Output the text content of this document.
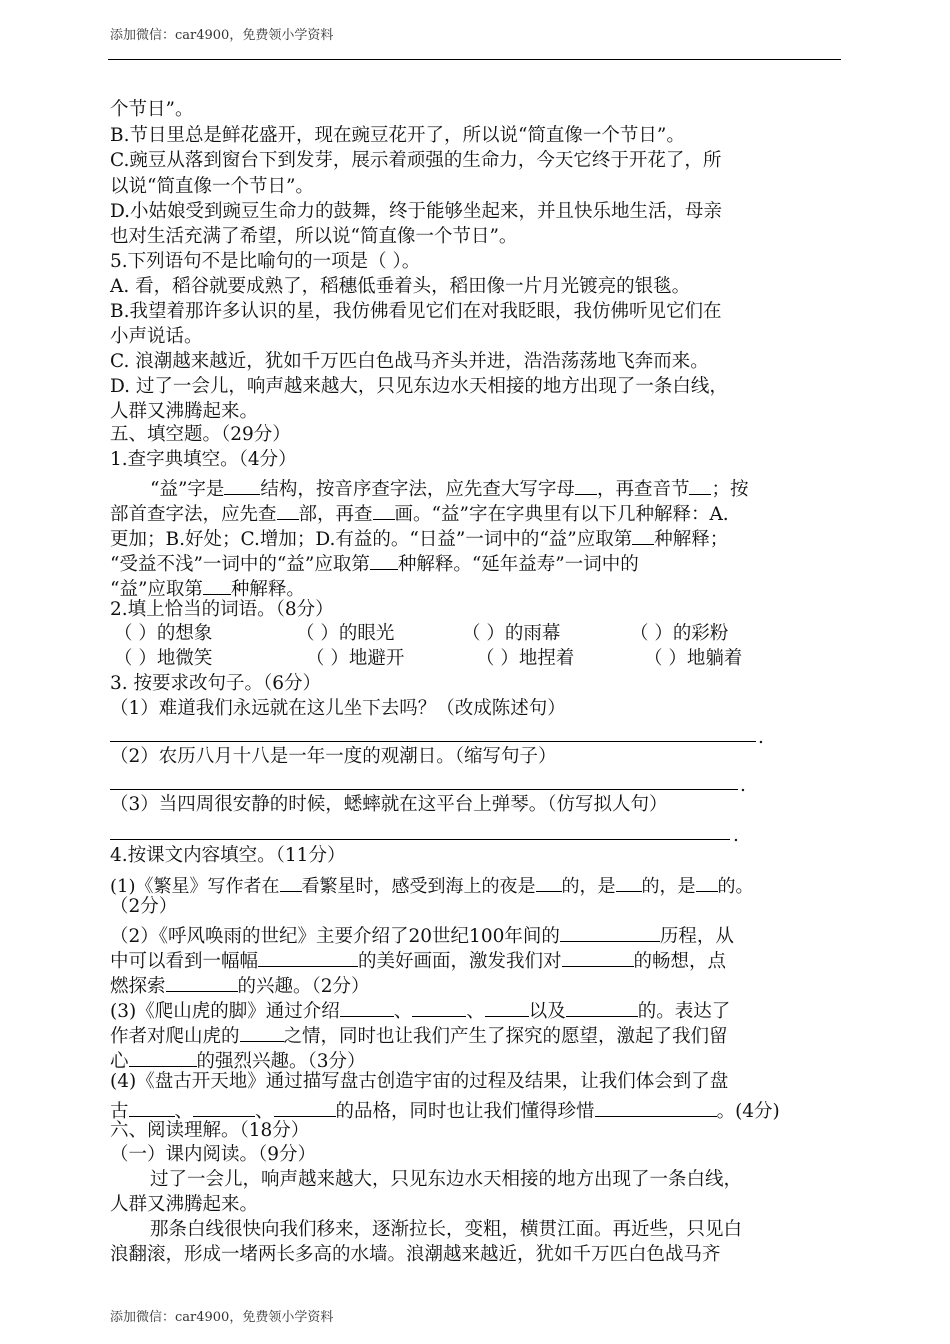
添加微信：car4900，免费领小学资料
个节日”。
B.节日里总是鲜花盛开，现在豌豆花开了，所以说“简直像一个节日”。
C.豌豆从落到窗台下到发芽，展示着顽强的生命力，今天它终于开花了，所
以说“简直像一个节日”。
D.小姑娘受到豌豆生命力的鼓舞，终于能够坐起来，并且快乐地生活，母亲
也对生活充满了希望，所以说“简直像一个节日”。
5.下列语句不是比喻句的一项是（ ）。
A. 看，稻谷就要成熟了，稻穗低垂着头，稻田像一片月光镀亮的银毯。
B.我望着那许多认识的星，我仿佛看见它们在对我眨眼，我仿佛听见它们在
小声说话。
C. 浪潮越来越近，犹如千万匹白色战马齐头并进，浩浩荡荡地飞奔而来。
D. 过了一会儿，响声越来越大，只见东边水天相接的地方出现了一条白线，
人群又沸腾起来。
五、填空题。（29分）
1.查字典填空。（4分）
“益”字是 结构，按音序查字法，应先查大写字母 ，再查音节 ；按
部首查字法，应先查 部，再查 画。“益”字在字典里有以下几种解释：A.
更加；B.好处；C.增加；D.有益的。“日益”一词中的“益”应取第 种解释；
“受益不浅”一词中的“益”应取第 种解释。“延年益寿”一词中的
“益”应取第 种解释。
2.填上恰当的词语。（8分）
（ ）的想象	（ ）的眼光	（ ）的雨幕	（ ）的彩粉
（ ）地微笑	（ ）地避开	（ ）地捏着	（ ）地躺着
3. 按要求改句子。（6分）
（1）难道我们永远就在这儿坐下去吗？（改成陈述句）
.
（2）农历八月十八是一年一度的观潮日。（缩写句子）
.
（3）当四周很安静的时候，蟋蟀就在这平台上弹琴。（仿写拟人句）
.
4.按课文内容填空。（11分）
(1)《繁星》写作者在 看繁星时，感受到海上的夜是 的，是 的，是 的。
（2分）
（2）《呼风唤雨的世纪》主要介绍了20世纪100年间的	历程，从
中可以看到一幅幅	的美好画面，激发我们对	的畅想，点
燃探索	的兴趣。（2分）
(3)《爬山虎的脚》通过介绍	、	、 以及	的。表达了
作者对爬山虎的 之情，同时也让我们产生了探究的愿望，激起了我们留
心	的强烈兴趣。（3分）
(4)《盘古开天地》通过描写盘古创造宇宙的过程及结果，让我们体会到了盘
古 、	、	的品格，同时也让我们懂得珍惜	。(4分)
六、阅读理解。（18分）
（一）课内阅读。（9分）
过了一会儿，响声越来越大，只见东边水天相接的地方出现了一条白线，
人群又沸腾起来。
那条白线很快向我们移来，逐渐拉长，变粗，横贯江面。再近些，只见白
浪翻滚，形成一堵两长多高的水墙。浪潮越来越近，犹如千万匹白色战马齐
添加微信：car4900，免费领小学资料
